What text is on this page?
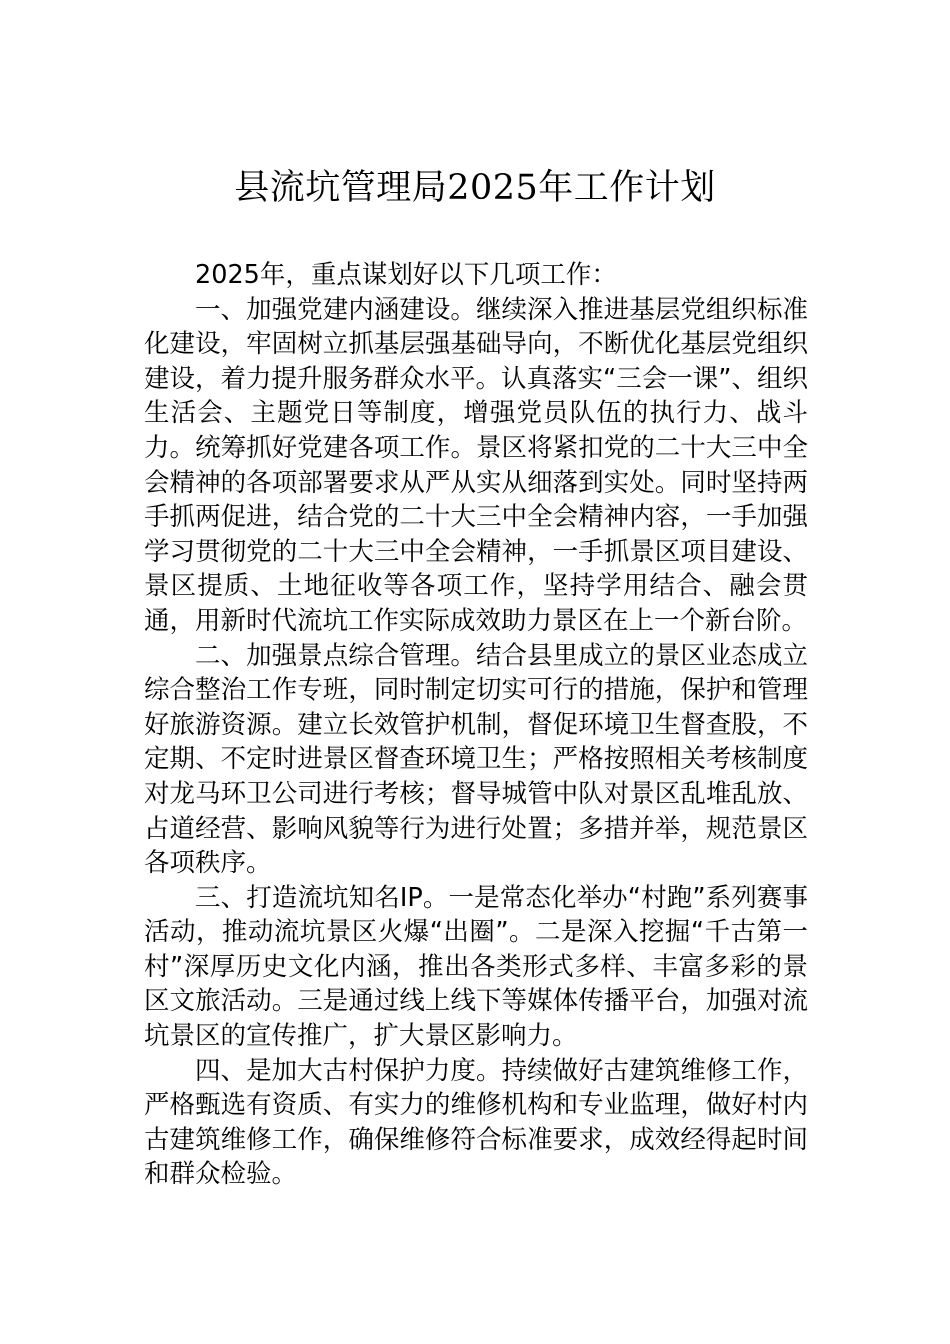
县流坑管理局2025年工作计划

2025年，重点谋划好以下几项工作：

一、加强党建内涵建设。继续深入推进基层党组织标准化建设，牢固树立抓基层强基础导向，不断优化基层党组织建设，着力提升服务群众水平。认真落实“三会一课”、组织生活会、主题党日等制度，增强党员队伍的执行力、战斗力。统筹抓好党建各项工作。景区将紧扣党的二十大三中全会精神的各项部署要求从严从实从细落到实处。同时坚持两手抓两促进，结合党的二十大三中全会精神内容，一手加强学习贯彻党的二十大三中全会精神，一手抓景区项目建设、景区提质、土地征收等各项工作，坚持学用结合、融会贯通，用新时代流坑工作实际成效助力景区在上一个新台阶。

二、加强景点综合管理。结合县里成立的景区业态成立综合整治工作专班，同时制定切实可行的措施，保护和管理好旅游资源。建立长效管护机制，督促环境卫生督查股，不定期、不定时进景区督查环境卫生；严格按照相关考核制度对龙马环卫公司进行考核；督导城管中队对景区乱堆乱放、占道经营、影响风貌等行为进行处置；多措并举，规范景区各项秩序。

三、打造流坑知名IP。一是常态化举办“村跑”系列赛事活动，推动流坑景区火爆“出圈”。二是深入挖掘“千古第一村”深厚历史文化内涵，推出各类形式多样、丰富多彩的景区文旅活动。三是通过线上线下等媒体传播平台，加强对流坑景区的宣传推广，扩大景区影响力。

四、是加大古村保护力度。持续做好古建筑维修工作，严格甄选有资质、有实力的维修机构和专业监理，做好村内古建筑维修工作，确保维修符合标准要求，成效经得起时间和群众检验。
